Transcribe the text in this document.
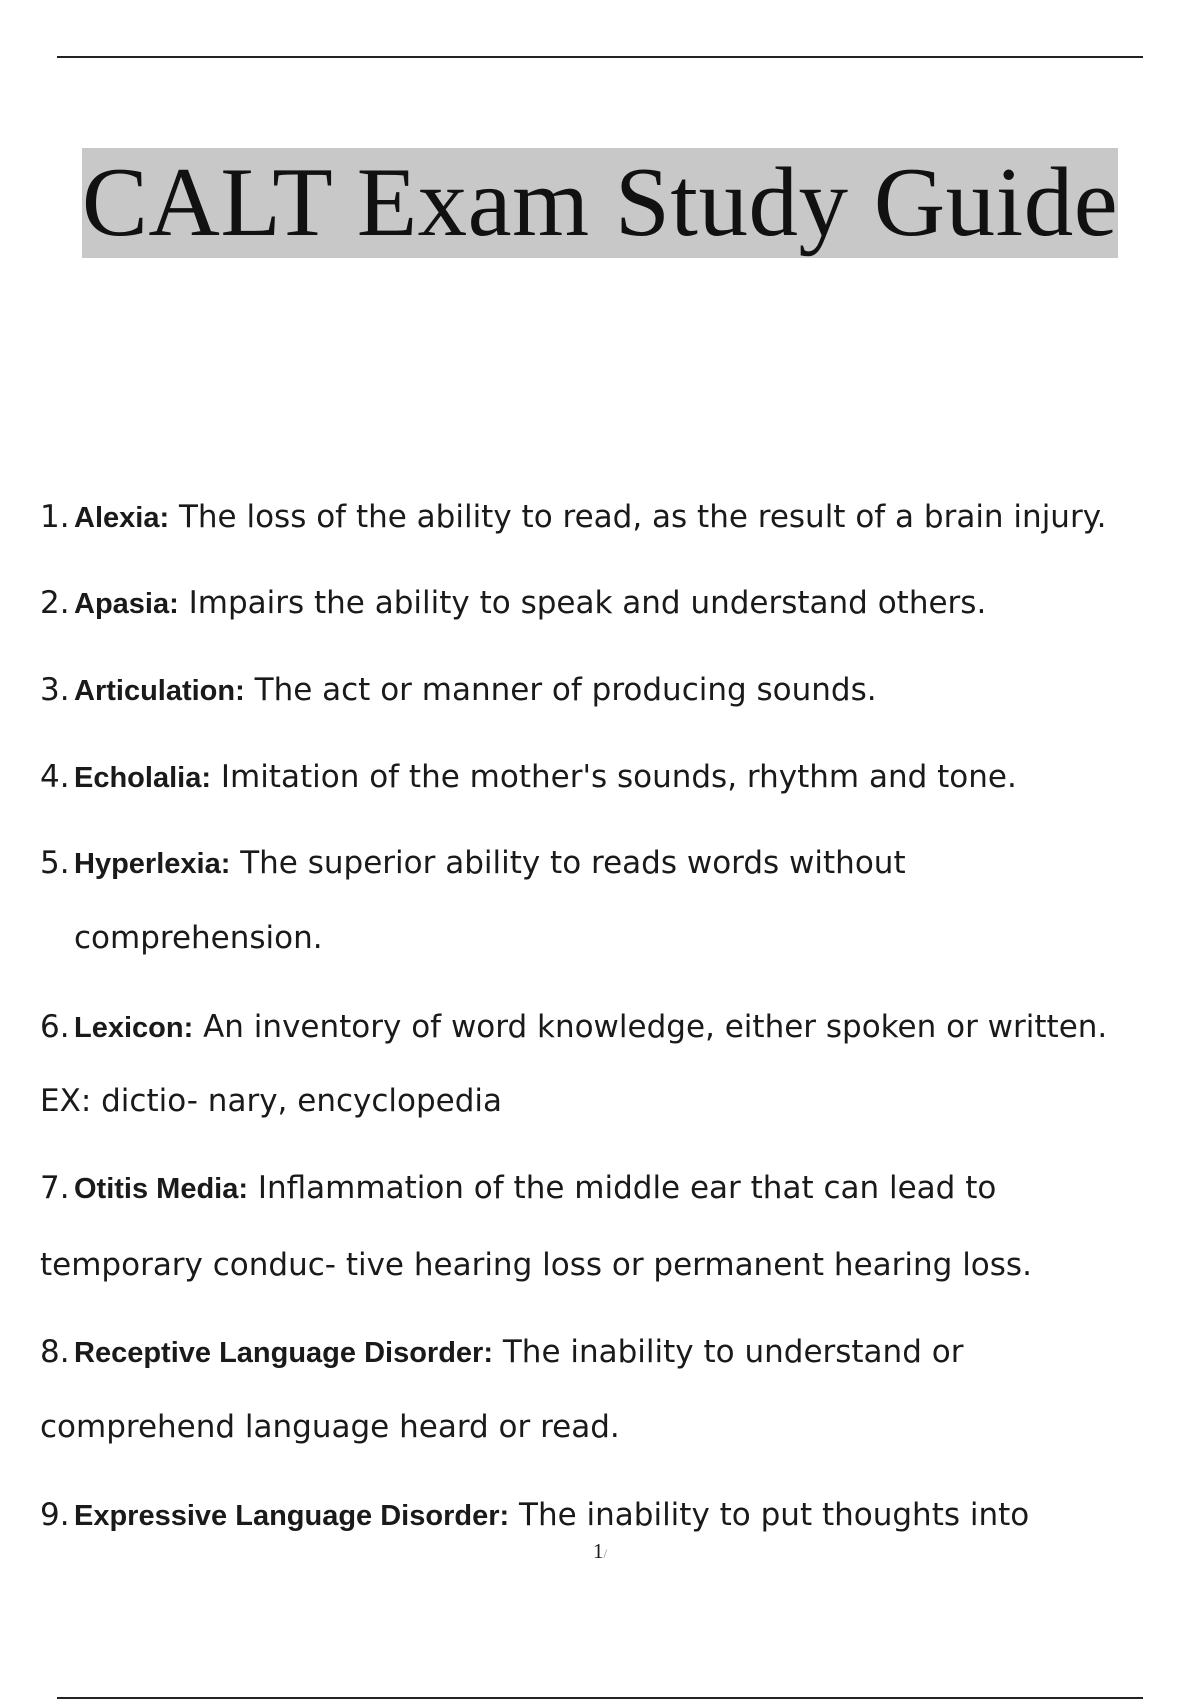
CALT Exam Study Guide
1. Alexia: The loss of the ability to read, as the result of a brain injury.
2. Apasia: Impairs the ability to speak and understand others.
3. Articulation: The act or manner of producing sounds.
4. Echolalia: Imitation of the mother's sounds, rhythm and tone.
5. Hyperlexia: The superior ability to reads words without
comprehension.
6. Lexicon: An inventory of word knowledge, either spoken or written.
EX: dictio- nary, encyclopedia
7. Otitis Media: Inflammation of the middle ear that can lead to
temporary conduc- tive hearing loss or permanent hearing loss.
8. Receptive Language Disorder: The inability to understand or
comprehend language heard or read.
9. Expressive Language Disorder: The inability to put thoughts into
1/
